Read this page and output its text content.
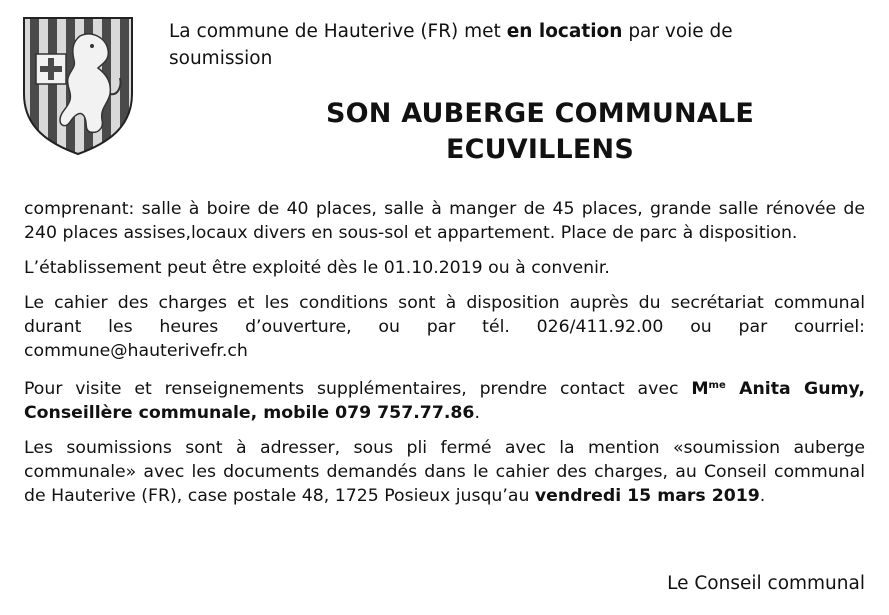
La commune de Hauterive (FR) met en location par voie de soumission
SON AUBERGE COMMUNALE
ECUVILLENS

comprenant: salle à boire de 40 places, salle à manger de 45 places, grande salle rénovée de 240 places assises,locaux divers en sous-sol et appartement. Place de parc à disposition.

L’établissement peut être exploité dès le 01.10.2019 ou à convenir.

Le cahier des charges et les conditions sont à disposition auprès du secrétariat communal durant les heures d’ouverture, ou par tél. 026/411.92.00 ou par courriel: commune@hauterivefr.ch

Pour visite et renseignements supplémentaires, prendre contact avec $M^{me}$ Anita Gumy, Conseillère communale, mobile 079 757.77.86.

Les soumissions sont à adresser, sous pli fermé avec la mention «soumission auberge communale» avec les documents demandés dans le cahier des charges, au Conseil communal de Hauterive (FR), case postale 48, 1725 Posieux jusqu’au vendredi 15 mars 2019.

Le Conseil communal
